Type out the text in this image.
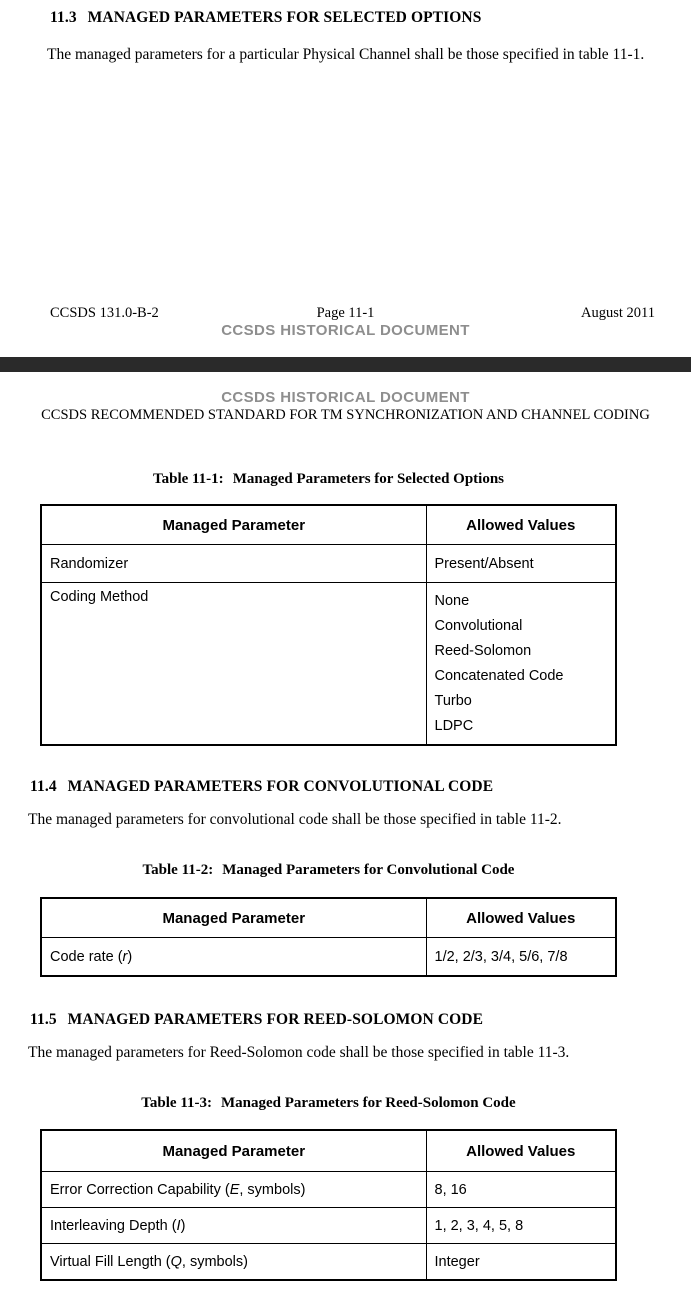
11.3 MANAGED PARAMETERS FOR SELECTED OPTIONS
The managed parameters for a particular Physical Channel shall be those specified in table 11-1.
CCSDS 131.0-B-2	Page 11-1	August 2011
CCSDS HISTORICAL DOCUMENT
CCSDS HISTORICAL DOCUMENT
CCSDS RECOMMENDED STANDARD FOR TM SYNCHRONIZATION AND CHANNEL CODING
Table 11-1: Managed Parameters for Selected Options
Managed Parameter	Allowed Values
Randomizer	Present/Absent

Coding Method	None
Convolutional
Reed-Solomon
Concatenated Code
Turbo
LDPC
11.4 MANAGED PARAMETERS FOR CONVOLUTIONAL CODE
The managed parameters for convolutional code shall be those specified in table 11-2.
Table 11-2: Managed Parameters for Convolutional Code
Managed Parameter	Allowed Values
Code rate (r)	1/2, 2/3, 3/4, 5/6, 7/8
11.5 MANAGED PARAMETERS FOR REED-SOLOMON CODE
The managed parameters for Reed-Solomon code shall be those specified in table 11-3.
Table 11-3: Managed Parameters for Reed-Solomon Code
Managed Parameter	Allowed Values
Error Correction Capability (E, symbols)	8, 16

Interleaving Depth (I)	1, 2, 3, 4, 5, 8

Virtual Fill Length (Q, symbols)	Integer
